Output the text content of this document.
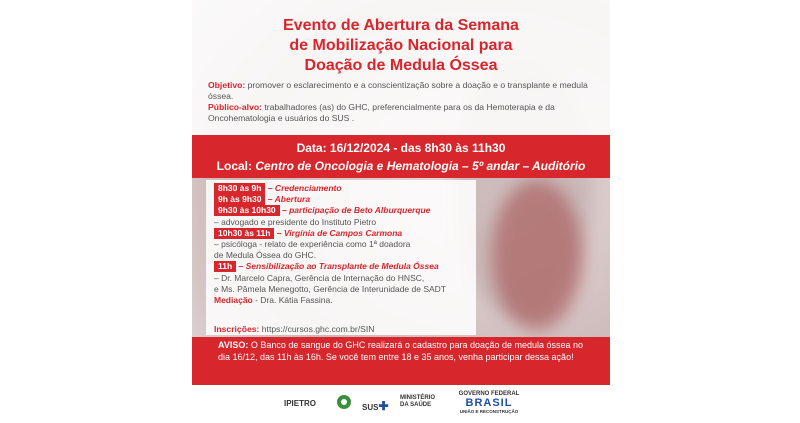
Evento de Abertura da Semana
de Mobilização Nacional para
Doação de Medula Óssea
Objetivo: promover o esclarecimento e a conscientização sobre a doação e o transplante e medula óssea.
Público-alvo: trabalhadores (as) do GHC, preferencialmente para os da Hemoterapia e da Oncohematologia e usuários do SUS .
Data: 16/12/2024 - das 8h30 às 11h30
Local: Centro de Oncologia e Hematologia – 5º andar – Auditório
8h30 às 9h – Credenciamento
9h às 9h30 – Abertura
9h30 às 10h30 – participação de Beto Alburquerque
– advogado e presidente do Instituto Pietro
10h30 às 11h – Virgínia de Campos Carmona
– psicóloga - relato de experiência como 1ª doadora
de Medula Óssea do GHC.
11h – Sensibilização ao Transplante de Medula Óssea
– Dr. Marcelo Capra, Gerência de Internação do HNSC,
e Ms. Pâmela Menegotto, Gerência de Interunidade de SADT
Mediação - Dra. Kátia Fassina.
Inscrições: https://cursos.ghc.com.br/SIN
AVISO: O Banco de sangue do GHC realizará o cadastro para doação de medula óssea no dia 16/12, das 11h às 16h. Se você tem entre 18 e 35 anos, venha participar dessa ação!
IPIETRO	SUS✚
MINISTÉRIO DA SAÚDE
GOVERNO FEDERAL
BRASIL
UNIÃO E RECONSTRUÇÃO
